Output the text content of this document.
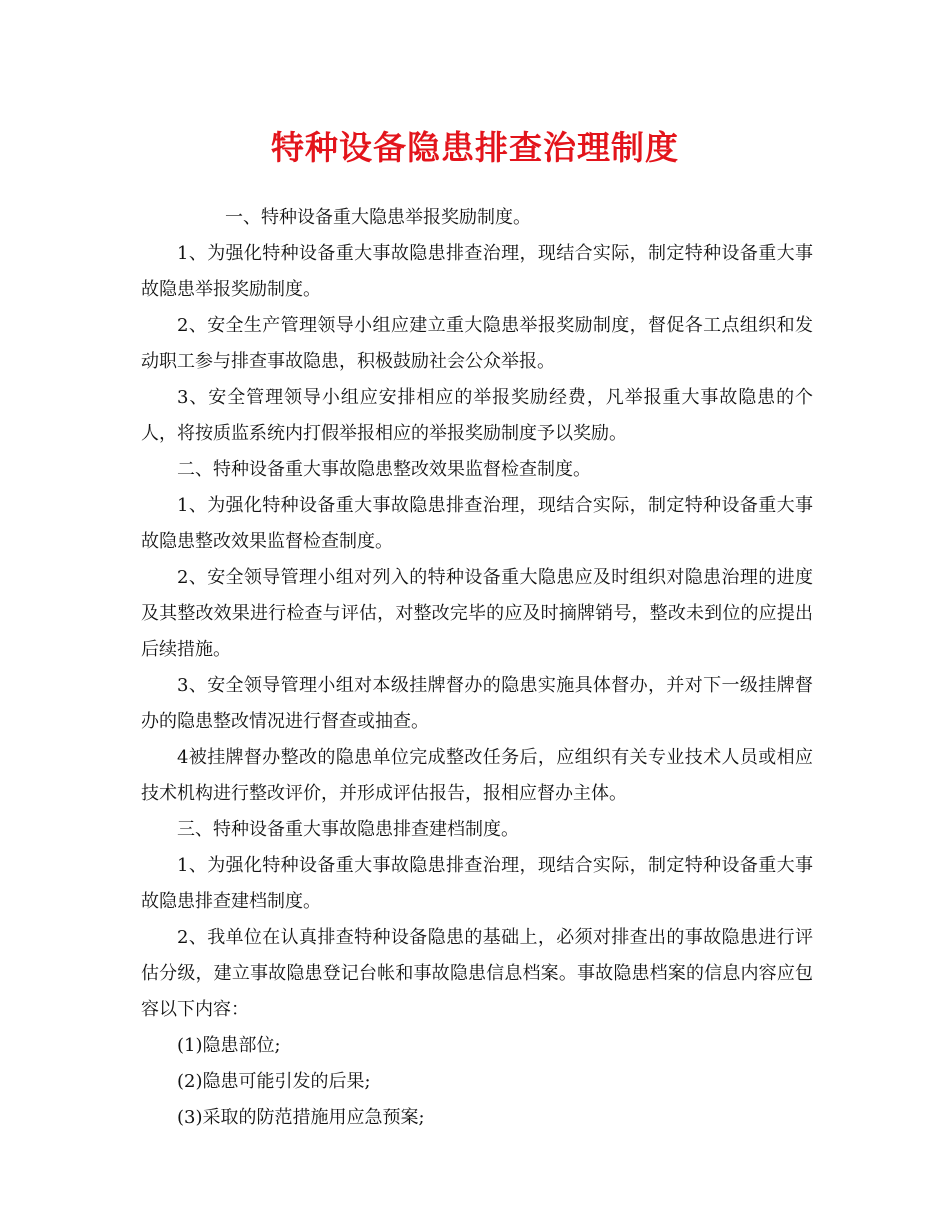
特种设备隐患排查治理制度

一、特种设备重大隐患举报奖励制度。

1、为强化特种设备重大事故隐患排查治理，现结合实际，制定特种设备重大事故隐患举报奖励制度。

2、安全生产管理领导小组应建立重大隐患举报奖励制度，督促各工点组织和发动职工参与排查事故隐患，积极鼓励社会公众举报。

3、安全管理领导小组应安排相应的举报奖励经费，凡举报重大事故隐患的个人，将按质监系统内打假举报相应的举报奖励制度予以奖励。

二、特种设备重大事故隐患整改效果监督检查制度。

1、为强化特种设备重大事故隐患排查治理，现结合实际，制定特种设备重大事故隐患整改效果监督检查制度。

2、安全领导管理小组对列入的特种设备重大隐患应及时组织对隐患治理的进度及其整改效果进行检查与评估，对整改完毕的应及时摘牌销号，整改未到位的应提出后续措施。

3、安全领导管理小组对本级挂牌督办的隐患实施具体督办，并对下一级挂牌督办的隐患整改情况进行督查或抽查。

4被挂牌督办整改的隐患单位完成整改任务后，应组织有关专业技术人员或相应技术机构进行整改评价，并形成评估报告，报相应督办主体。

三、特种设备重大事故隐患排查建档制度。

1、为强化特种设备重大事故隐患排查治理，现结合实际，制定特种设备重大事故隐患排查建档制度。

2、我单位在认真排查特种设备隐患的基础上，必须对排查出的事故隐患进行评估分级，建立事故隐患登记台帐和事故隐患信息档案。事故隐患档案的信息内容应包容以下内容：

(1)隐患部位;

(2)隐患可能引发的后果;

(3)采取的防范措施用应急预案;
